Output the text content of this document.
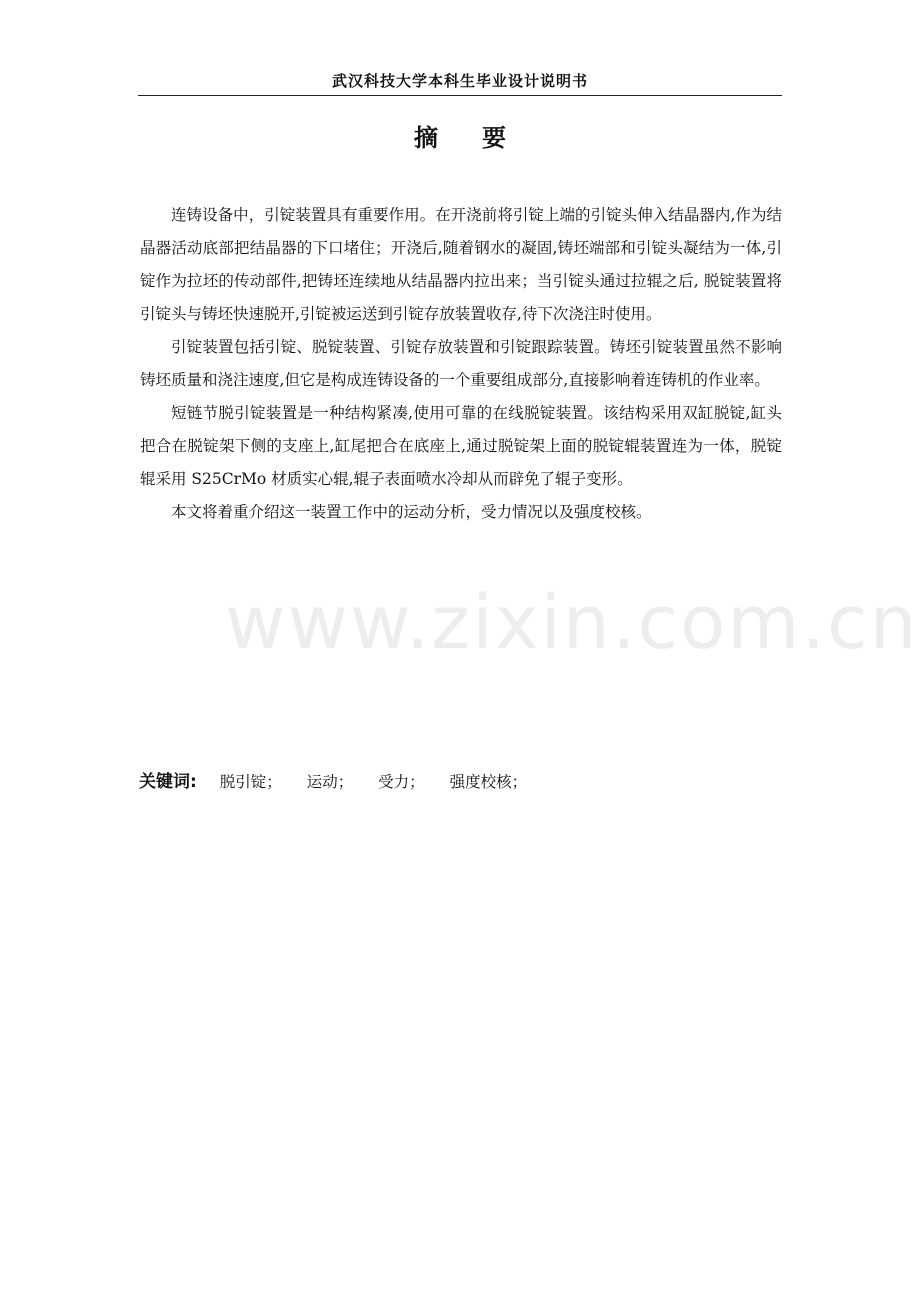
武汉科技大学本科生毕业设计说明书
摘要

连铸设备中，引锭装置具有重要作用。在开浇前将引锭上端的引锭头伸入结晶器内,作为结晶器活动底部把结晶器的下口堵住；开浇后,随着钢水的凝固,铸坯端部和引锭头凝结为一体,引锭作为拉坯的传动部件,把铸坯连续地从结晶器内拉出来；当引锭头通过拉辊之后, 脱锭装置将引锭头与铸坯快速脱开,引锭被运送到引锭存放装置收存,待下次浇注时使用。

引锭装置包括引锭、脱锭装置、引锭存放装置和引锭跟踪装置。铸坯引锭装置虽然不影响铸坯质量和浇注速度,但它是构成连铸设备的一个重要组成部分,直接影响着连铸机的作业率。

短链节脱引锭装置是一种结构紧凑,使用可靠的在线脱锭装置。该结构采用双缸脱锭,缸头把合在脱锭架下侧的支座上,缸尾把合在底座上,通过脱锭架上面的脱锭辊装置连为一体，脱锭辊采用 S25CrMo 材质实心辊,辊子表面喷水冷却从而辟免了辊子变形。

本文将着重介绍这一装置工作中的运动分析，受力情况以及强度校核。

www.zixin.com.cn
关键词: 脱引锭； 运动； 受力； 强度校核；
